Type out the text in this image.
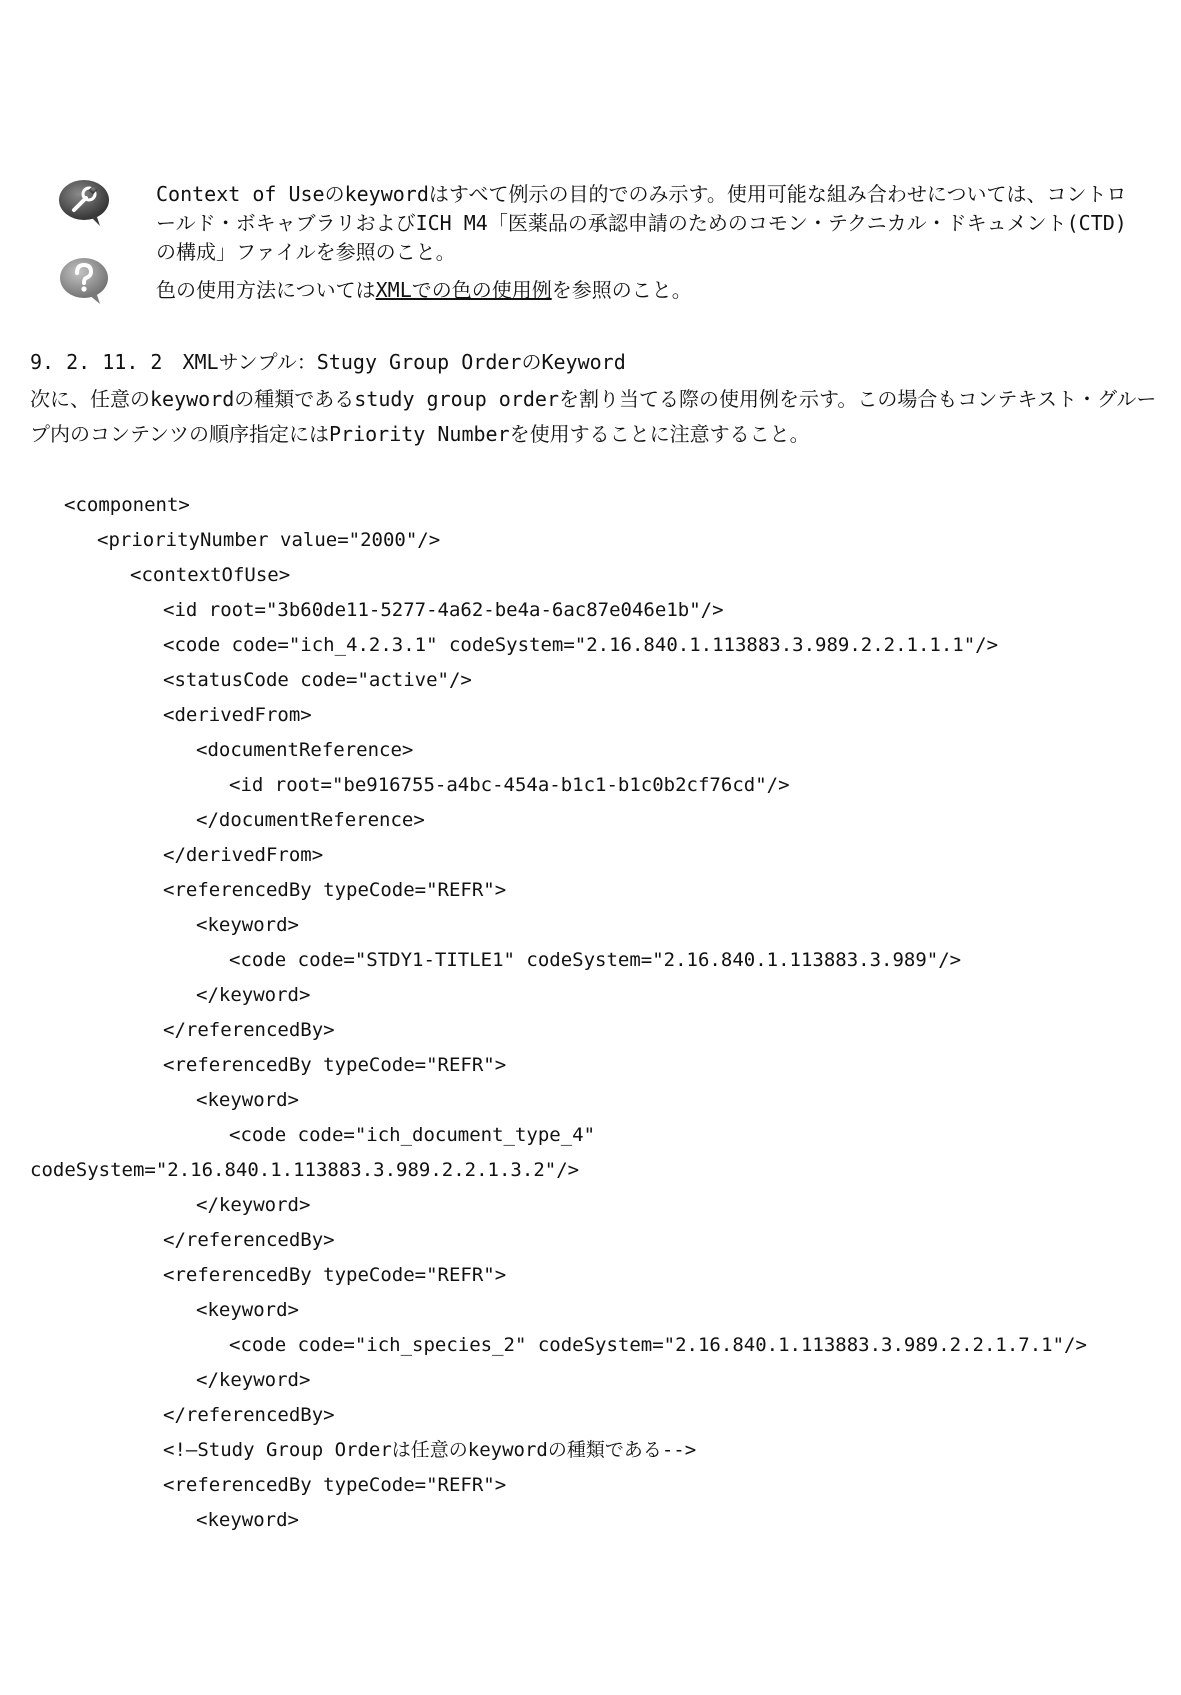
Context of Useのkeywordはすべて例示の目的でのみ示す。使用可能な組み合わせについては、コントロールド・ボキャブラリおよびICH M4「医薬品の承認申請のためのコモン・テクニカル・ドキュメント(CTD)の構成」ファイルを参照のこと。
色の使用方法についてはXMLでの色の使用例を参照のこと。
9. 2. 11. 2　 XMLサンプル：Stugy Group OrderのKeyword
次に、任意のkeywordの種類であるstudy group orderを割り当てる際の使用例を示す。この場合もコンテキスト・グループ内のコンテンツの順序指定にはPriority Numberを使用することに注意すること。
<component>
<priorityNumber value="2000"/>
<contextOfUse>
<id root="3b60de11-5277-4a62-be4a-6ac87e046e1b"/>
<code code="ich_4.2.3.1" codeSystem="2.16.840.1.113883.3.989.2.2.1.1.1"/>
<statusCode code="active"/>
<derivedFrom>
<documentReference>
<id root="be916755-a4bc-454a-b1c1-b1c0b2cf76cd"/>
</documentReference>
</derivedFrom>
<referencedBy typeCode="REFR">
<keyword>
<code code="STDY1-TITLE1" codeSystem="2.16.840.1.113883.3.989"/>
</keyword>
</referencedBy>
<referencedBy typeCode="REFR">
<keyword>
<code code="ich_document_type_4"
codeSystem="2.16.840.1.113883.3.989.2.2.1.3.2"/>
</keyword>
</referencedBy>
<referencedBy typeCode="REFR">
<keyword>
<code code="ich_species_2" codeSystem="2.16.840.1.113883.3.989.2.2.1.7.1"/>
</keyword>
</referencedBy>
<!—Study Group Orderは任意のkeywordの種類である-->
<referencedBy typeCode="REFR">
<keyword>
